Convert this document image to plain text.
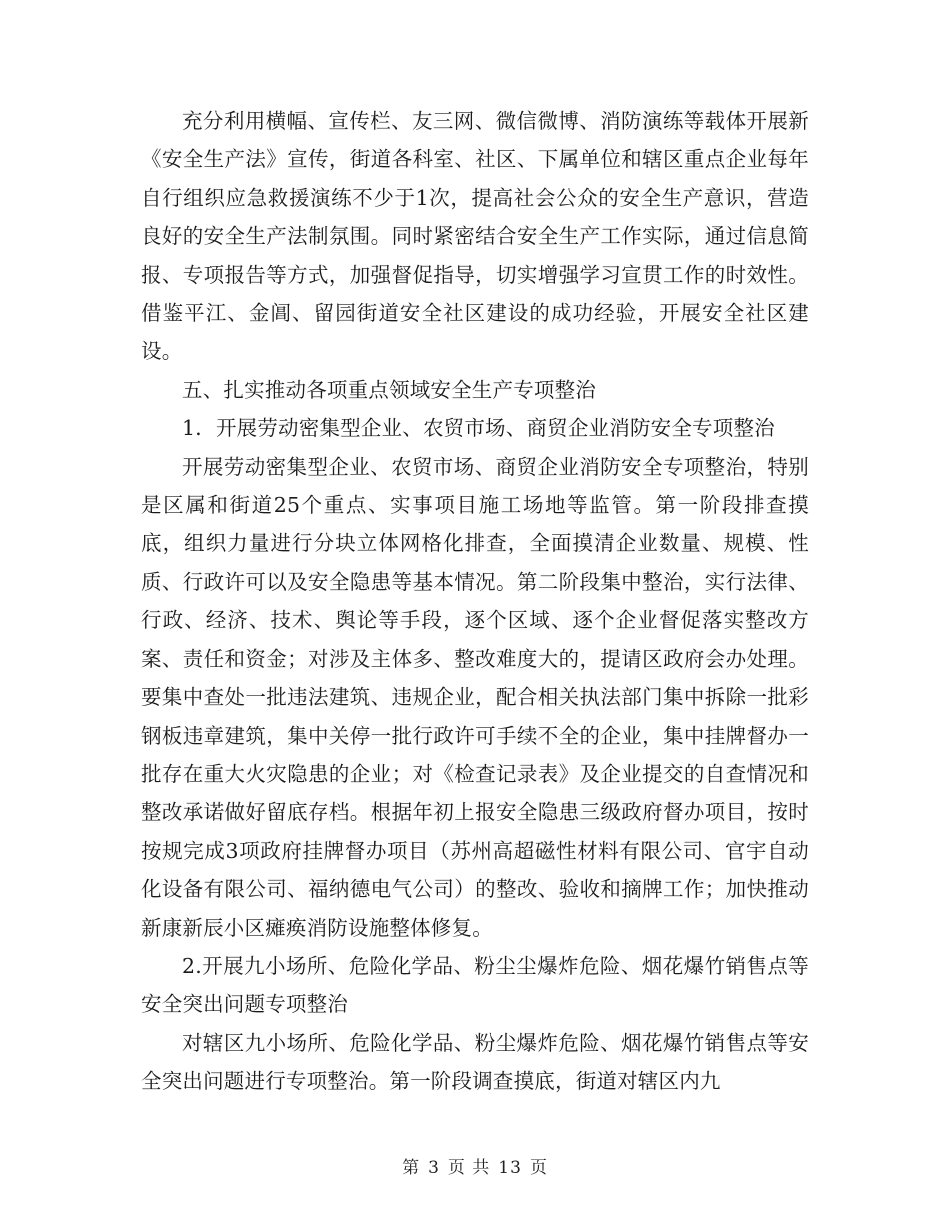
充分利用横幅、宣传栏、友三网、微信微博、消防演练等载体开展新《安全生产法》宣传，街道各科室、社区、下属单位和辖区重点企业每年自行组织应急救援演练不少于1次，提高社会公众的安全生产意识，营造良好的安全生产法制氛围。同时紧密结合安全生产工作实际，通过信息简报、专项报告等方式，加强督促指导，切实增强学习宣贯工作的时效性。借鉴平江、金阊、留园街道安全社区建设的成功经验，开展安全社区建设。

五、扎实推动各项重点领域安全生产专项整治

1．开展劳动密集型企业、农贸市场、商贸企业消防安全专项整治

开展劳动密集型企业、农贸市场、商贸企业消防安全专项整治，特别是区属和街道25个重点、实事项目施工场地等监管。第一阶段排查摸底，组织力量进行分块立体网格化排查，全面摸清企业数量、规模、性质、行政许可以及安全隐患等基本情况。第二阶段集中整治，实行法律、行政、经济、技术、舆论等手段，逐个区域、逐个企业督促落实整改方案、责任和资金；对涉及主体多、整改难度大的，提请区政府会办处理。要集中查处一批违法建筑、违规企业，配合相关执法部门集中拆除一批彩钢板违章建筑，集中关停一批行政许可手续不全的企业，集中挂牌督办一批存在重大火灾隐患的企业；对《检查记录表》及企业提交的自查情况和整改承诺做好留底存档。根据年初上报安全隐患三级政府督办项目，按时按规完成3项政府挂牌督办项目（苏州高超磁性材料有限公司、官宇自动化设备有限公司、福纳德电气公司）的整改、验收和摘牌工作；加快推动新康新辰小区瘫痪消防设施整体修复。

2.开展九小场所、危险化学品、粉尘尘爆炸危险、烟花爆竹销售点等安全突出问题专项整治

对辖区九小场所、危险化学品、粉尘爆炸危险、烟花爆竹销售点等安全突出问题进行专项整治。第一阶段调查摸底，街道对辖区内九

第 3 页 共 13 页
